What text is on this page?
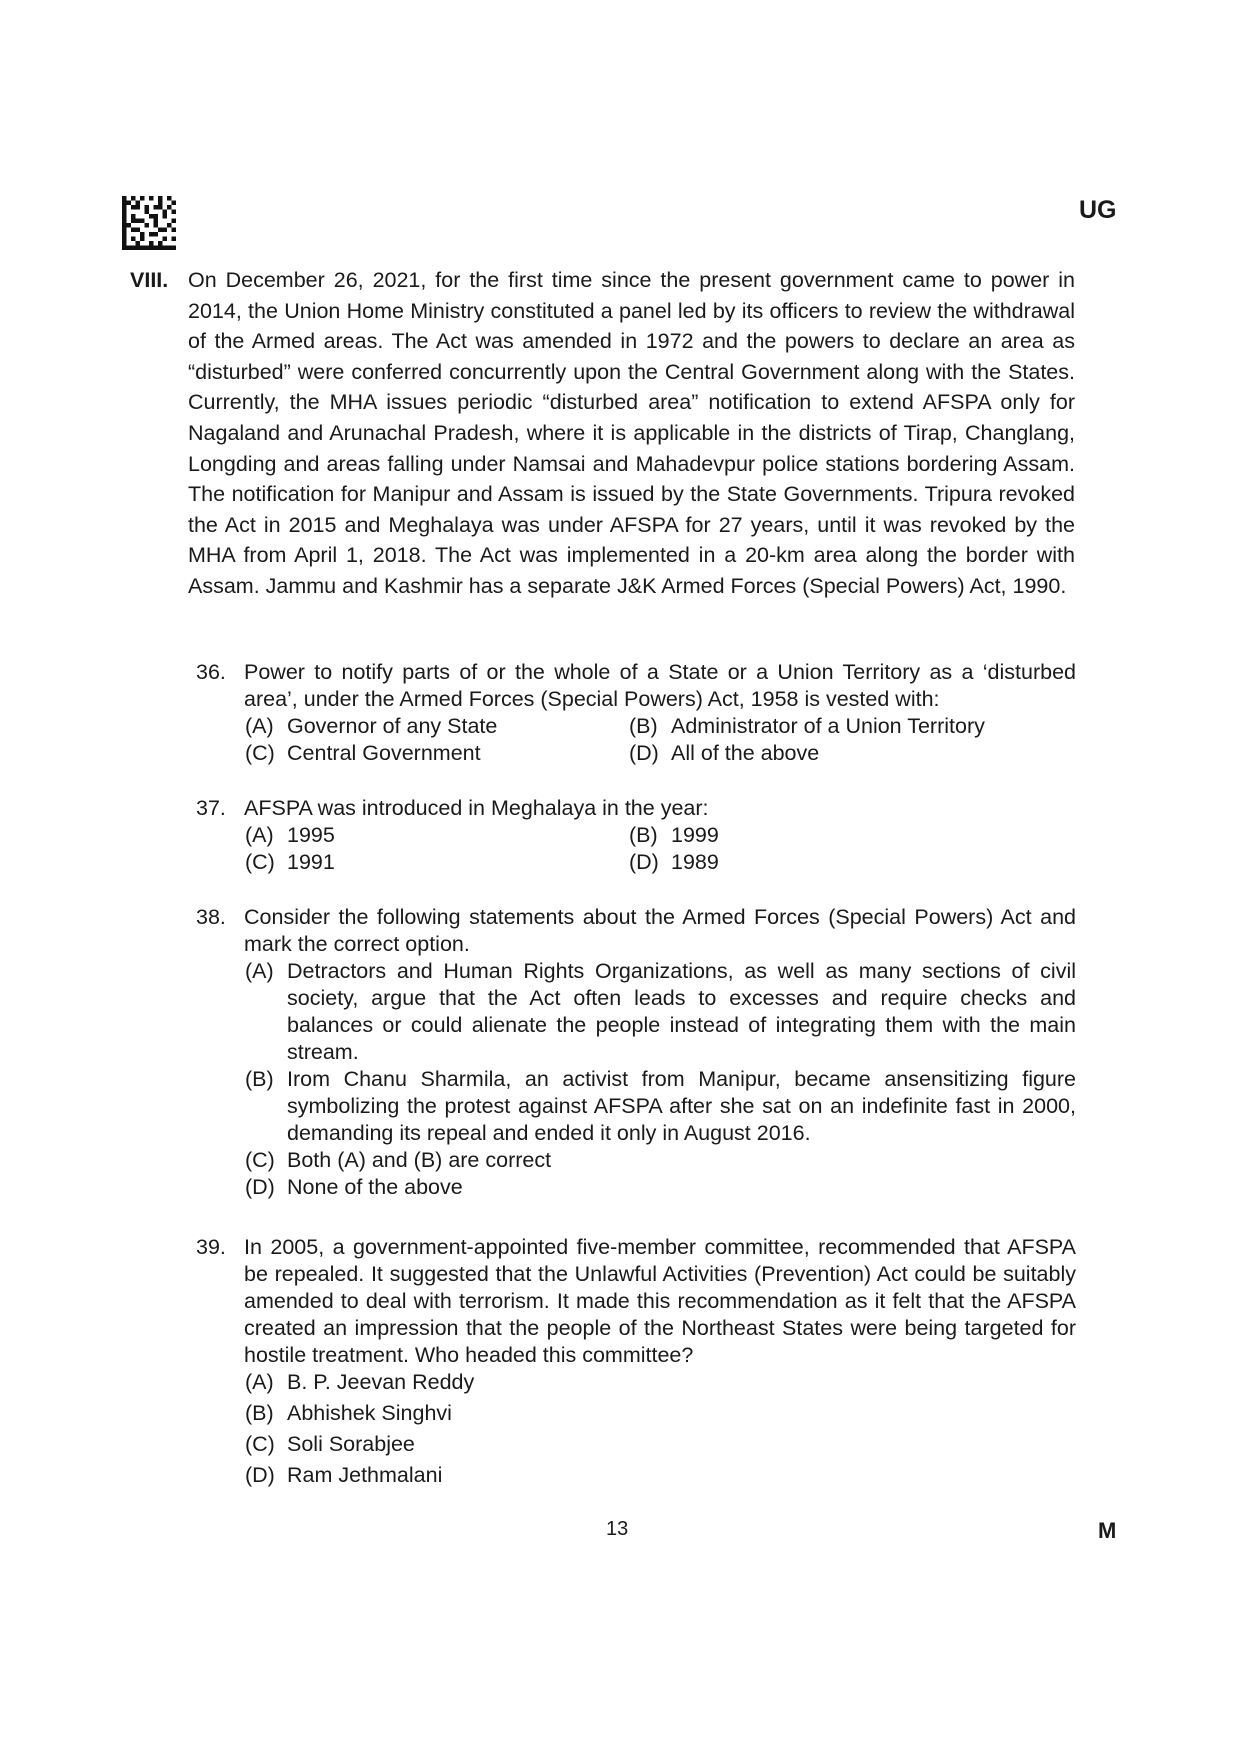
UG
VIII. On December 26, 2021, for the first time since the present government came to power in 2014, the Union Home Ministry constituted a panel led by its officers to review the withdrawal of the Armed areas. The Act was amended in 1972 and the powers to declare an area as “disturbed” were conferred concurrently upon the Central Government along with the States. Currently, the MHA issues periodic “disturbed area” notification to extend AFSPA only for Nagaland and Arunachal Pradesh, where it is applicable in the districts of Tirap, Changlang, Longding and areas falling under Namsai and Mahadevpur police stations bordering Assam. The notification for Manipur and Assam is issued by the State Governments. Tripura revoked the Act in 2015 and Meghalaya was under AFSPA for 27 years, until it was revoked by the MHA from April 1, 2018. The Act was implemented in a 20-km area along the border with Assam. Jammu and Kashmir has a separate J&K Armed Forces (Special Powers) Act, 1990.
36. Power to notify parts of or the whole of a State or a Union Territory as a ‘disturbed area’, under the Armed Forces (Special Powers) Act, 1958 is vested with:
(A) Governor of any State	(B) Administrator of a Union Territory
(C) Central Government	(D) All of the above
37. AFSPA was introduced in Meghalaya in the year:
(A) 1995	(B) 1999
(C) 1991	(D) 1989
38. Consider the following statements about the Armed Forces (Special Powers) Act and mark the correct option.
(A) Detractors and Human Rights Organizations, as well as many sections of civil society, argue that the Act often leads to excesses and require checks and balances or could alienate the people instead of integrating them with the main stream.
(B) Irom Chanu Sharmila, an activist from Manipur, became ansensitizing figure symbolizing the protest against AFSPA after she sat on an indefinite fast in 2000, demanding its repeal and ended it only in August 2016.
(C) Both (A) and (B) are correct
(D) None of the above
39. In 2005, a government-appointed five-member committee, recommended that AFSPA be repealed. It suggested that the Unlawful Activities (Prevention) Act could be suitably amended to deal with terrorism. It made this recommendation as it felt that the AFSPA created an impression that the people of the Northeast States were being targeted for hostile treatment. Who headed this committee?
(A) B. P. Jeevan Reddy
(B) Abhishek Singhvi
(C) Soli Sorabjee
(D) Ram Jethmalani
13	M
